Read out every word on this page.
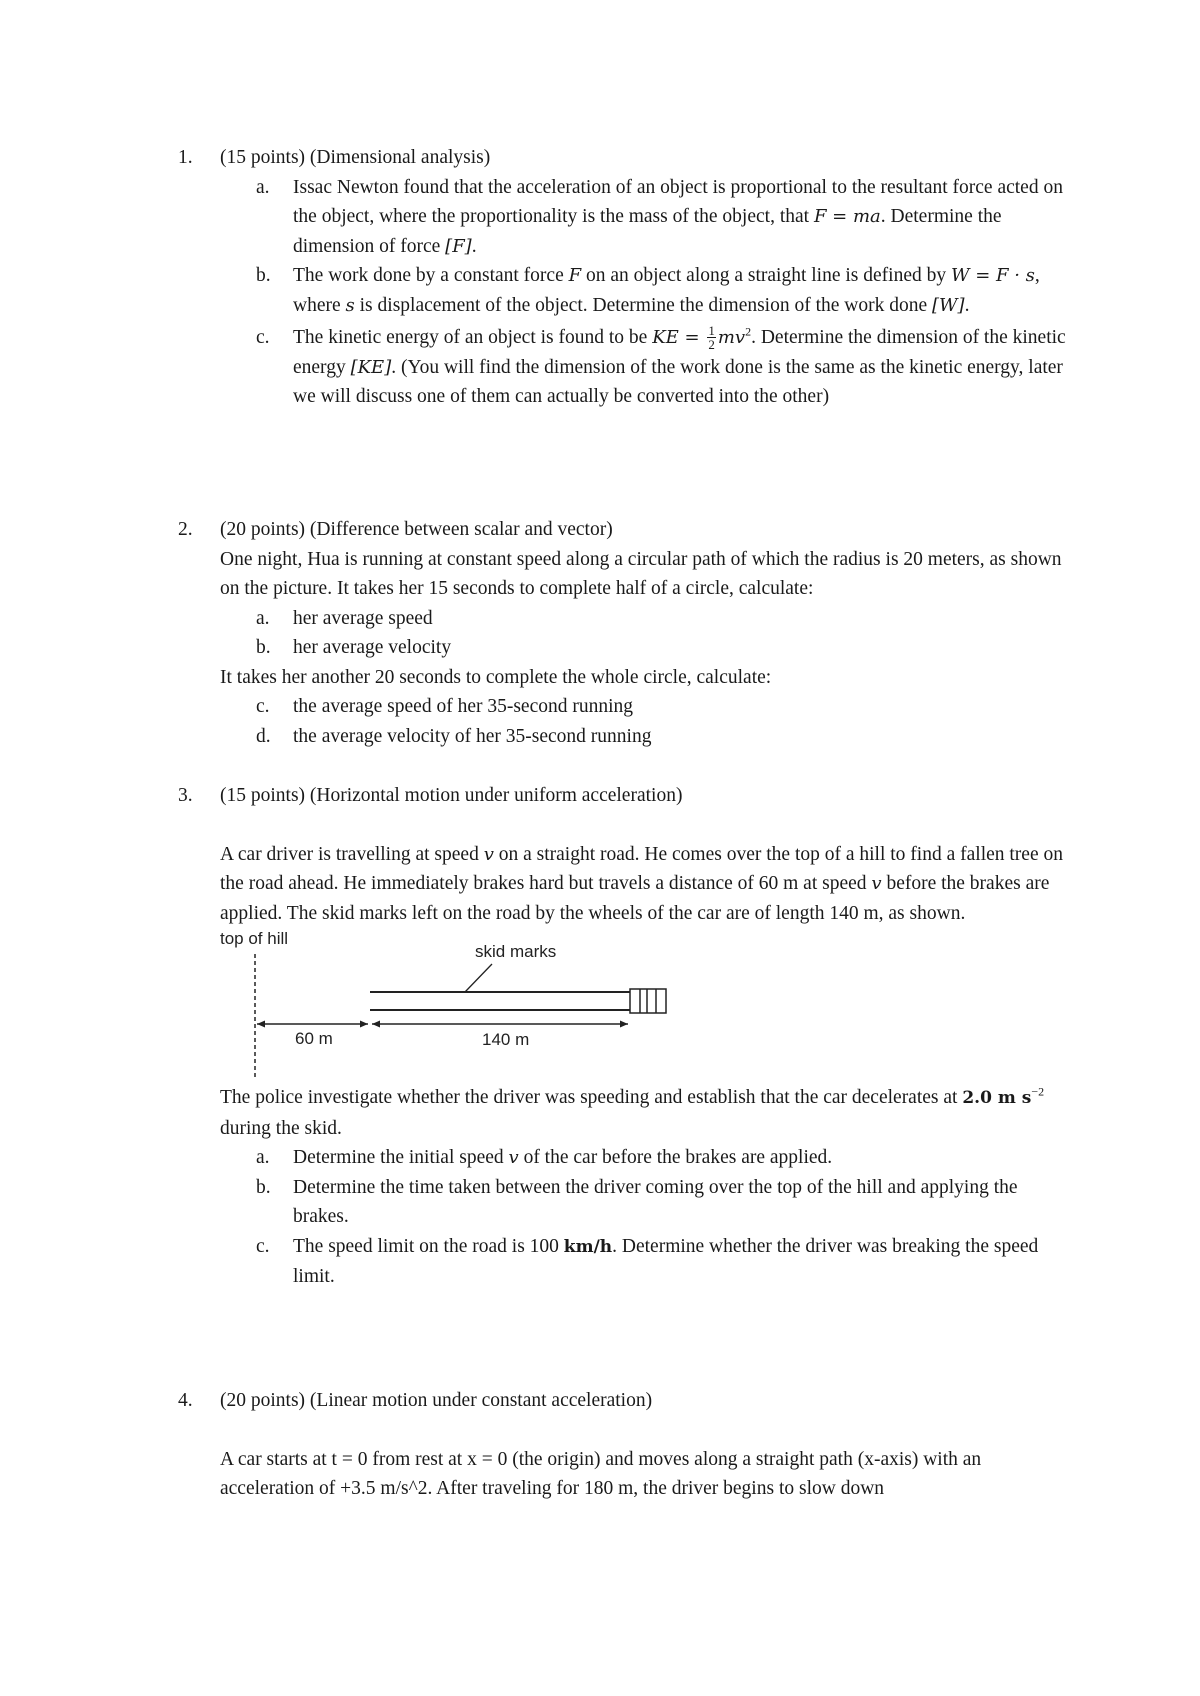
1. (15 points) (Dimensional analysis)
a. Issac Newton found that the acceleration of an object is proportional to the resultant force acted on the object, where the proportionality is the mass of the object, that F = ma. Determine the dimension of force [F].
b. The work done by a constant force F on an object along a straight line is defined by W = F · s, where s is displacement of the object. Determine the dimension of the work done [W].
c. The kinetic energy of an object is found to be KE = $\frac{1}{2} mv^2$. Determine the dimension of the kinetic energy [KE]. (You will find the dimension of the work done is the same as the kinetic energy, later we will discuss one of them can actually be converted into the other)
2. (20 points) (Difference between scalar and vector)
One night, Hua is running at constant speed along a circular path of which the radius is 20 meters, as shown on the picture. It takes her 15 seconds to complete half of a circle, calculate:
a. her average speed
b. her average velocity
It takes her another 20 seconds to complete the whole circle, calculate:
c. the average speed of her 35-second running
d. the average velocity of her 35-second running
3. (15 points) (Horizontal motion under uniform acceleration)
A car driver is travelling at speed v on a straight road. He comes over the top of a hill to find a fallen tree on the road ahead. He immediately brakes hard but travels a distance of 60 m at speed v before the brakes are applied. The skid marks left on the road by the wheels of the car are of length 140 m, as shown.
top of hill
skid marks
60 m	140 m
The police investigate whether the driver was speeding and establish that the car decelerates at 2.0 m $s^{-2}$ during the skid.
a. Determine the initial speed v of the car before the brakes are applied.
b. Determine the time taken between the driver coming over the top of the hill and applying the brakes.
c. The speed limit on the road is 100 km/h. Determine whether the driver was breaking the speed limit.
4. (20 points) (Linear motion under constant acceleration)
A car starts at t = 0 from rest at x = 0 (the origin) and moves along a straight path (x-axis) with an acceleration of +3.5 m/s^2. After traveling for 180 m, the driver begins to slow down
